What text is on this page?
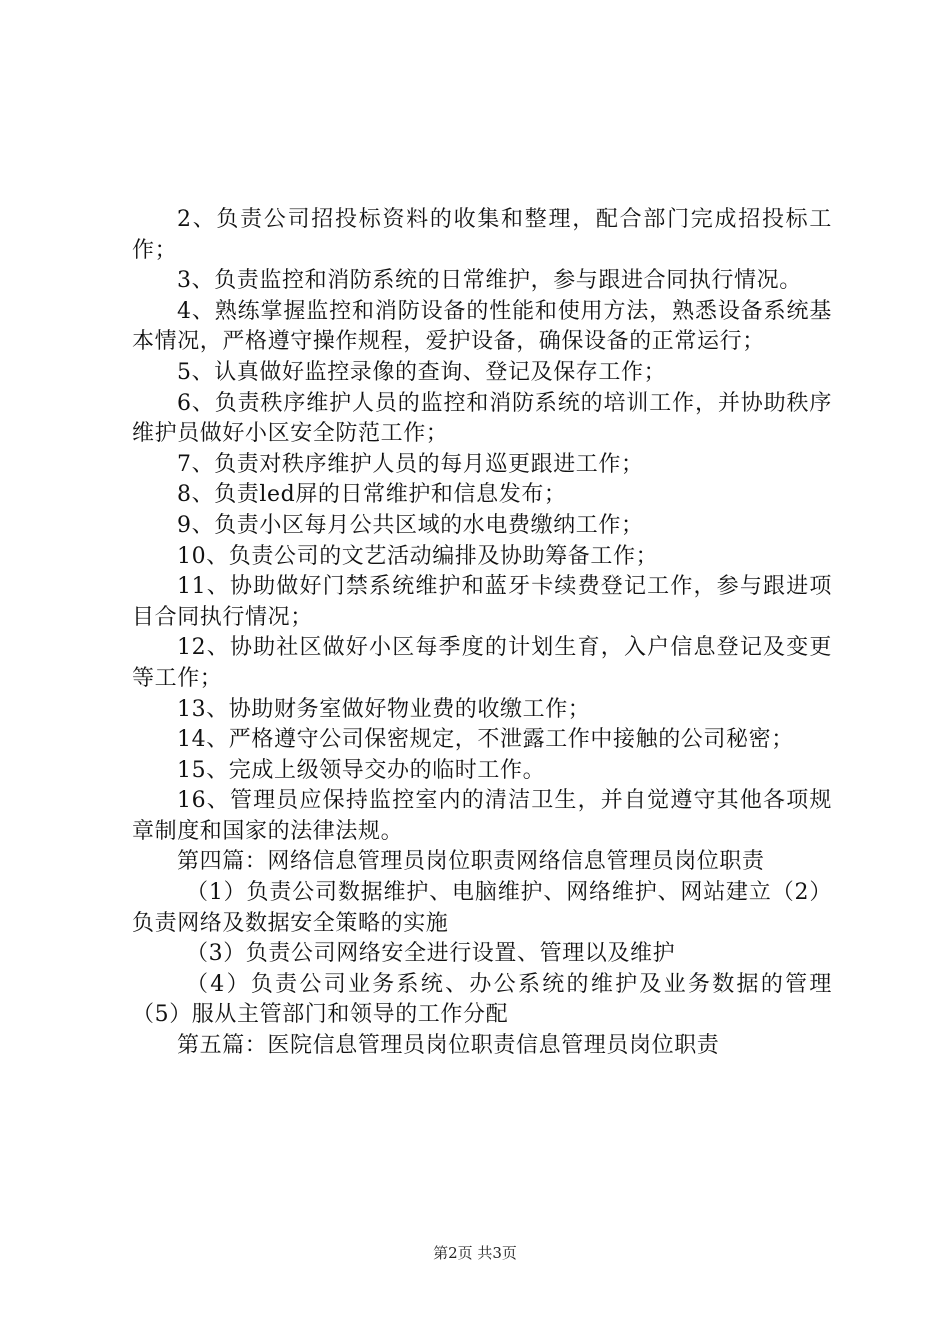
2、负责公司招投标资料的收集和整理，配合部门完成招投标工作；

3、负责监控和消防系统的日常维护，参与跟进合同执行情况。

4、熟练掌握监控和消防设备的性能和使用方法，熟悉设备系统基本情况，严格遵守操作规程，爱护设备，确保设备的正常运行；

5、认真做好监控录像的查询、登记及保存工作；

6、负责秩序维护人员的监控和消防系统的培训工作，并协助秩序维护员做好小区安全防范工作；

7、负责对秩序维护人员的每月巡更跟进工作；

8、负责led屏的日常维护和信息发布；

9、负责小区每月公共区域的水电费缴纳工作；

10、负责公司的文艺活动编排及协助筹备工作；

11、协助做好门禁系统维护和蓝牙卡续费登记工作，参与跟进项目合同执行情况；

12、协助社区做好小区每季度的计划生育，入户信息登记及变更等工作；

13、协助财务室做好物业费的收缴工作；

14、严格遵守公司保密规定，不泄露工作中接触的公司秘密；

15、完成上级领导交办的临时工作。

16、管理员应保持监控室内的清洁卫生，并自觉遵守其他各项规章制度和国家的法律法规。

第四篇：网络信息管理员岗位职责网络信息管理员岗位职责

（1）负责公司数据维护、电脑维护、网络维护、网站建立（2）负责网络及数据安全策略的实施

（3）负责公司网络安全进行设置、管理以及维护

（4）负责公司业务系统、办公系统的维护及业务数据的管理（5）服从主管部门和领导的工作分配

第五篇：医院信息管理员岗位职责信息管理员岗位职责

第2页 共3页
